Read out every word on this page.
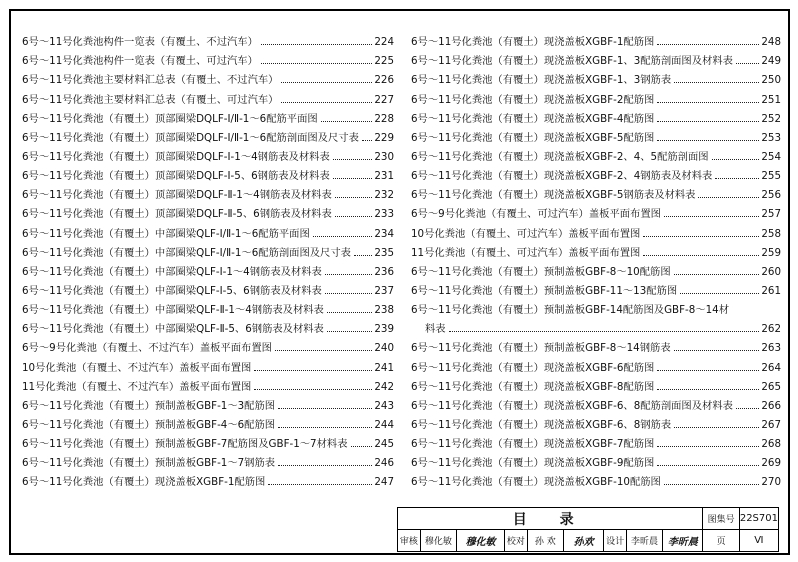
6号～11号化粪池构件一览表（有覆土、不过汽车）	224
6号～11号化粪池构件一览表（有覆土、可过汽车）	225
6号～11号化粪池主要材料汇总表（有覆土、不过汽车）	226
6号～11号化粪池主要材料汇总表（有覆土、可过汽车）	227
6号～11号化粪池（有覆土）顶部圈梁DQLF-Ⅰ/Ⅱ-1～6配筋平面图	228
6号～11号化粪池（有覆土）顶部圈梁DQLF-Ⅰ/Ⅱ-1～6配筋剖面图及尺寸表 229
6号～11号化粪池（有覆土）顶部圈梁DQLF-Ⅰ-1～4钢筋表及材料表	230
6号～11号化粪池（有覆土）顶部圈梁DQLF-Ⅰ-5、6钢筋表及材料表	231
6号～11号化粪池（有覆土）顶部圈梁DQLF-Ⅱ-1～4钢筋表及材料表	232
6号～11号化粪池（有覆土）顶部圈梁DQLF-Ⅱ-5、6钢筋表及材料表	233
6号～11号化粪池（有覆土）中部圈梁QLF-Ⅰ/Ⅱ-1～6配筋平面图	234
6号～11号化粪池（有覆土）中部圈梁QLF-Ⅰ/Ⅱ-1～6配筋剖面图及尺寸表 235
6号～11号化粪池（有覆土）中部圈梁QLF-Ⅰ-1～4钢筋表及材料表	236
6号～11号化粪池（有覆土）中部圈梁QLF-Ⅰ-5、6钢筋表及材料表	237
6号～11号化粪池（有覆土）中部圈梁QLF-Ⅱ-1～4钢筋表及材料表	238
6号～11号化粪池（有覆土）中部圈梁QLF-Ⅱ-5、6钢筋表及材料表	239
6号～9号化粪池（有覆土、不过汽车）盖板平面布置图	240
10号化粪池（有覆土、不过汽车）盖板平面布置图	241
11号化粪池（有覆土、不过汽车）盖板平面布置图	242
6号～11号化粪池（有覆土）预制盖板GBF-1～3配筋图	243
6号～11号化粪池（有覆土）预制盖板GBF-4～6配筋图	244
6号～11号化粪池（有覆土）预制盖板GBF-7配筋图及GBF-1～7材料表	245
6号～11号化粪池（有覆土）预制盖板GBF-1～7钢筋表	246
6号～11号化粪池（有覆土）现浇盖板XGBF-1配筋图	247
6号～11号化粪池（有覆土）现浇盖板XGBF-1配筋图	248
6号～11号化粪池（有覆土）现浇盖板XGBF-1、3配筋剖面图及材料表	249
6号～11号化粪池（有覆土）现浇盖板XGBF-1、3钢筋表	250
6号～11号化粪池（有覆土）现浇盖板XGBF-2配筋图	251
6号～11号化粪池（有覆土）现浇盖板XGBF-4配筋图	252
6号～11号化粪池（有覆土）现浇盖板XGBF-5配筋图	253
6号～11号化粪池（有覆土）现浇盖板XGBF-2、4、5配筋剖面图	254
6号～11号化粪池（有覆土）现浇盖板XGBF-2、4钢筋表及材料表	255
6号～11号化粪池（有覆土）现浇盖板XGBF-5钢筋表及材料表	256
6号～9号化粪池（有覆土、可过汽车）盖板平面布置图	257
10号化粪池（有覆土、可过汽车）盖板平面布置图	258
11号化粪池（有覆土、可过汽车）盖板平面布置图	259
6号～11号化粪池（有覆土）预制盖板GBF-8～10配筋图	260
6号～11号化粪池（有覆土）预制盖板GBF-11～13配筋图	261
6号～11号化粪池（有覆土）预制盖板GBF-14配筋图及GBF-8～14材
料表	262
6号～11号化粪池（有覆土）预制盖板GBF-8～14钢筋表	263
6号～11号化粪池（有覆土）现浇盖板XGBF-6配筋图	264
6号～11号化粪池（有覆土）现浇盖板XGBF-8配筋图	265
6号～11号化粪池（有覆土）现浇盖板XGBF-6、8配筋剖面图及材料表	266
6号～11号化粪池（有覆土）现浇盖板XGBF-6、8钢筋表	267
6号～11号化粪池（有覆土）现浇盖板XGBF-7配筋图	268
6号～11号化粪池（有覆土）现浇盖板XGBF-9配筋图	269
6号～11号化粪池（有覆土）现浇盖板XGBF-10配筋图	270
目 录									图集号	22S701
审核	穆化敏	穆化敏	校对	孙 欢	孙欢	设计	李昕晨	李昕晨	页	Ⅵ
